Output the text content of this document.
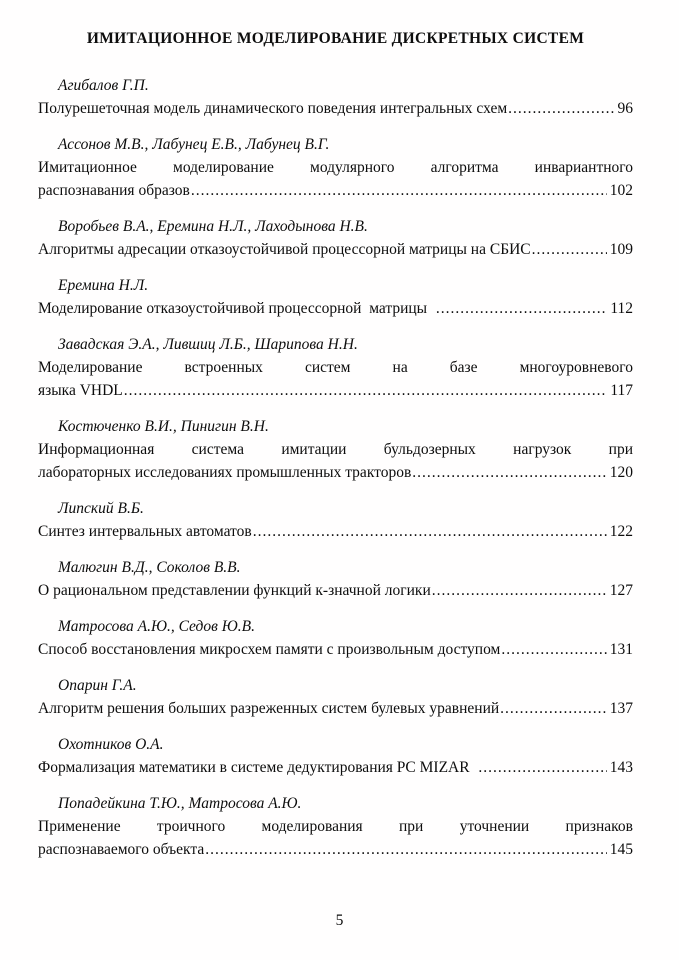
ИМИТАЦИОННОЕ МОДЕЛИРОВАНИЕ ДИСКРЕТНЫХ СИСТЕМ
Агибалов Г.П.
Полурешеточная модель динамического поведения интегральных схем .....	96
Ассонов М.В., Лабунец Е.В., Лабунец В.Г.
Имитационное моделирование модулярного алгоритма инвариантного
распознавания образов .....	102
Воробьев В.А., Еремина Н.Л., Лаходынова Н.В.
Алгоритмы адресации отказоустойчивой процессорной матрицы на СБИС .....	109
Еремина Н.Л.
Моделирование отказоустойчивой процессорной  матрицы .....	112
Завадская Э.А., Лившиц Л.Б., Шарипова Н.Н.
Моделирование встроенных систем на базе многоуровневого
языка VHDL .....	117
Костюченко В.И., Пинигин В.Н.
Информационная система имитации бульдозерных нагрузок при
лабораторных исследованиях промышленных тракторов .....	120
Липский В.Б.
Синтез интервальных автоматов .....	122
Малюгин В.Д., Соколов В.В.
О рациональном представлении функций к-значной логики .....	127
Матросова А.Ю., Седов Ю.В.
Способ восстановления микросхем памяти с произвольным доступом .....	131
Опарин Г.А.
Алгоритм решения больших разреженных систем булевых уравнений .....	137
Охотников О.А.
Формализация математики в системе дедуктирования PC MIZAR .....	143
Попадейкина Т.Ю., Матросова А.Ю.
Применение троичного моделирования при уточнении признаков
распознаваемого объекта .....	145
5
